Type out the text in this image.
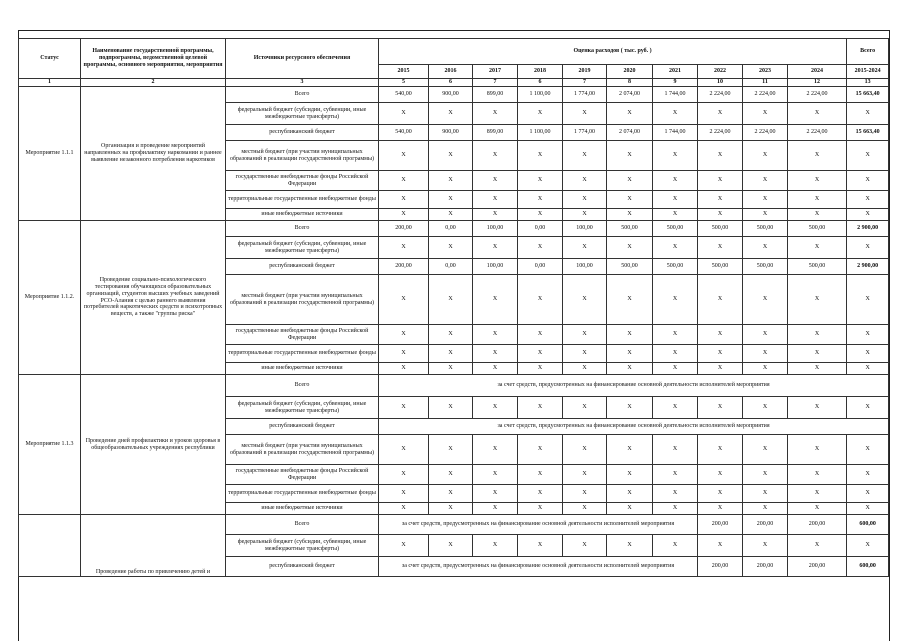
Статус	Наименование государственной программы, подпрограммы, ведомственной целевой программы, основного мероприятия, мероприятия	Источники ресурсного обеспечения	Оценка расходов ( тыс. руб. )										Всего
			2015	2016	2017	2018	2019	2020	2021	2022	2023	2024	2015-2024
1	2	3	5	6	7	6	7	8	9	10	11	12	13
Мероприятие 1.1.1	Организация и проведение мероприятий направленных на профилактику наркомании и раннее выявление незаконного потребления наркотиков	Всего	540,00	900,00	899,00	1 100,00	1 774,00	2 074,00	1 744,00	2 224,00	2 224,00	2 224,00	15 663,40
		федеральный бюджет (субсидии, субвенции, иные межбюджетные трансферты)	Х	Х	Х	Х	Х	Х	Х	Х	Х	Х	Х
		республиканский бюджет	540,00	900,00	899,00	1 100,00	1 774,00	2 074,00	1 744,00	2 224,00	2 224,00	2 224,00	15 663,40
		местный бюджет (при участии муниципальных образований в реализации государственной программы)	Х	Х	Х	Х	Х	Х	Х	Х	Х	Х	Х
		государственные внебюджетные фонды Российской Федерации	Х	Х	Х	Х	Х	Х	Х	Х	Х	Х	Х
		территориальные государственные внебюджетные фонды	Х	Х	Х	Х	Х	Х	Х	Х	Х	Х	Х
		иные внебюджетные источники	Х	Х	Х	Х	Х	Х	Х	Х	Х	Х	Х
Мероприятие 1.1.2.	Проведение социально-психологического тестирования обучающихся образовательных организаций, студентов высших учебных заведений РСО-Алания с целью раннего выявления потребителей наркотических средств и психотропных веществ, а также "группы риска"	Всего	200,00	0,00	100,00	0,00	100,00	500,00	500,00	500,00	500,00	500,00	2 900,00
		федеральный бюджет (субсидии, субвенции, иные межбюджетные трансферты)	Х	Х	Х	Х	Х	Х	Х	Х	Х	Х	Х
		республиканский бюджет	200,00	0,00	100,00	0,00	100,00	500,00	500,00	500,00	500,00	500,00	2 900,00
		местный бюджет (при участии муниципальных образований в реализации государственной программы)	Х	Х	Х	Х	Х	Х	Х	Х	Х	Х	Х
		государственные внебюджетные фонды Российской Федерации	Х	Х	Х	Х	Х	Х	Х	Х	Х	Х	Х
		территориальные государственные внебюджетные фонды	Х	Х	Х	Х	Х	Х	Х	Х	Х	Х	Х
		иные внебюджетные источники	Х	Х	Х	Х	Х	Х	Х	Х	Х	Х	Х
Мероприятие 1.1.3	Проведение дней профилактики и уроков здоровья в общеобразовательных учреждениях республики	Всего	за счет средств, предусмотренных на финансирование основной деятельности исполнителей мероприятия										
		федеральный бюджет (субсидии, субвенции, иные межбюджетные трансферты)	Х	Х	Х	Х	Х	Х	Х	Х	Х	Х	Х
		республиканский бюджет	за счет средств, предусмотренных на финансирование основной деятельности исполнителей мероприятия										
		местный бюджет (при участии муниципальных образований в реализации государственной программы)	Х	Х	Х	Х	Х	Х	Х	Х	Х	Х	Х
		государственные внебюджетные фонды Российской Федерации	Х	Х	Х	Х	Х	Х	Х	Х	Х	Х	Х
		территориальные государственные внебюджетные фонды	Х	Х	Х	Х	Х	Х	Х	Х	Х	Х	Х
		иные внебюджетные источники	Х	Х	Х	Х	Х	Х	Х	Х	Х	Х	Х
	Проведение работы по привлечению детей и	Всего	за счет средств, предусмотренных на финансирование основной деятельности исполнителей мероприятия							200,00	200,00	200,00	600,00
		федеральный бюджет (субсидии, субвенции, иные межбюджетные трансферты)	Х	Х	Х	Х	Х	Х	Х	Х	Х	Х	Х
		республиканский бюджет	за счет средств, предусмотренных на финансирование основной деятельности исполнителей мероприятия							200,00	200,00	200,00	600,00
